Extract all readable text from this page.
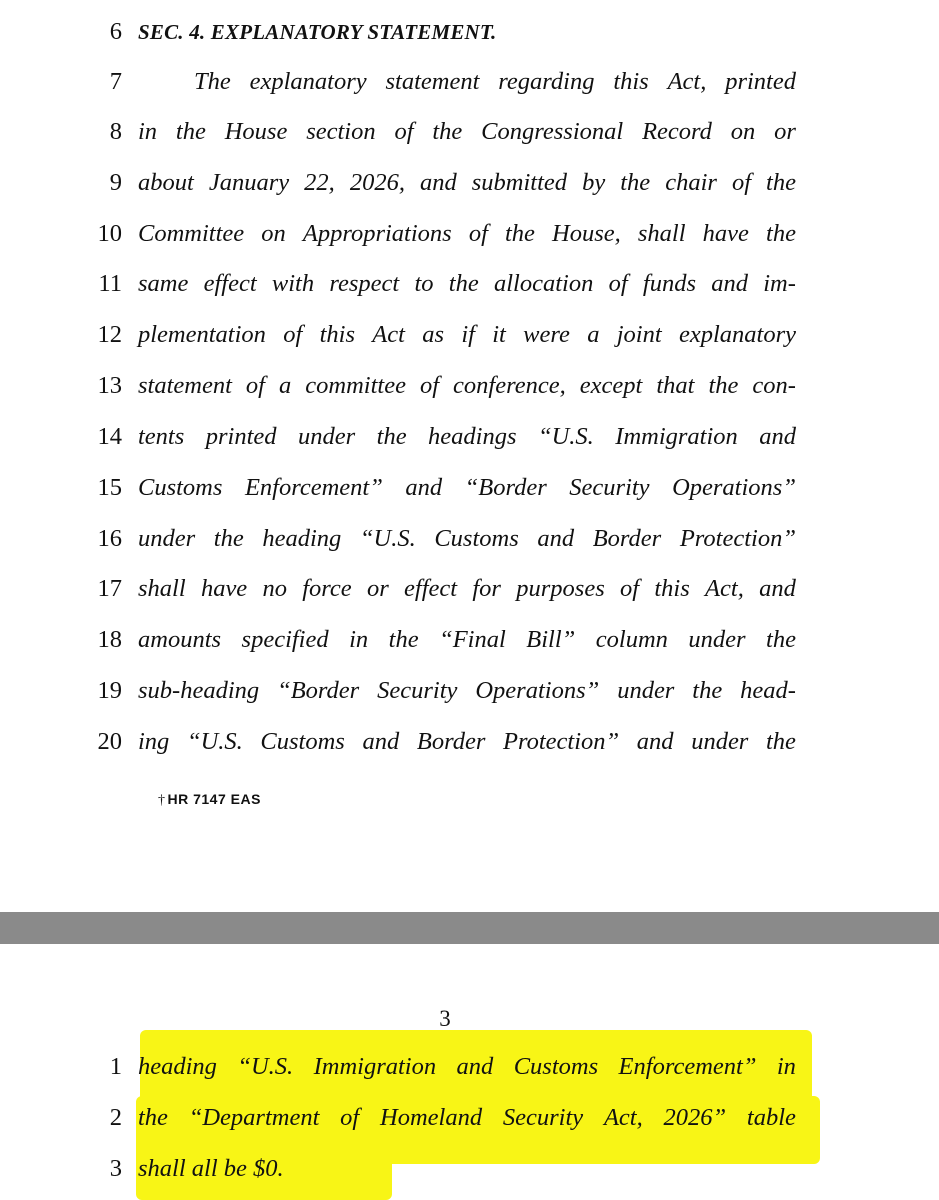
6 SEC. 4. EXPLANATORY STATEMENT.
7	The explanatory statement regarding this Act, printed
8 in the House section of the Congressional Record on or
9 about January 22, 2026, and submitted by the chair of the
10 Committee on Appropriations of the House, shall have the
11 same effect with respect to the allocation of funds and im-
12 plementation of this Act as if it were a joint explanatory
13 statement of a committee of conference, except that the con-
14 tents printed under the headings “U.S. Immigration and
15 Customs Enforcement” and “Border Security Operations”
16 under the heading “U.S. Customs and Border Protection”
17 shall have no force or effect for purposes of this Act, and
18 amounts specified in the “Final Bill” column under the
19 sub-heading “Border Security Operations” under the head-
20 ing “U.S. Customs and Border Protection” and under the
† HR 7147 EAS
3
1 heading “U.S. Immigration and Customs Enforcement” in
2 the “Department of Homeland Security Act, 2026” table
3 shall all be $0.
